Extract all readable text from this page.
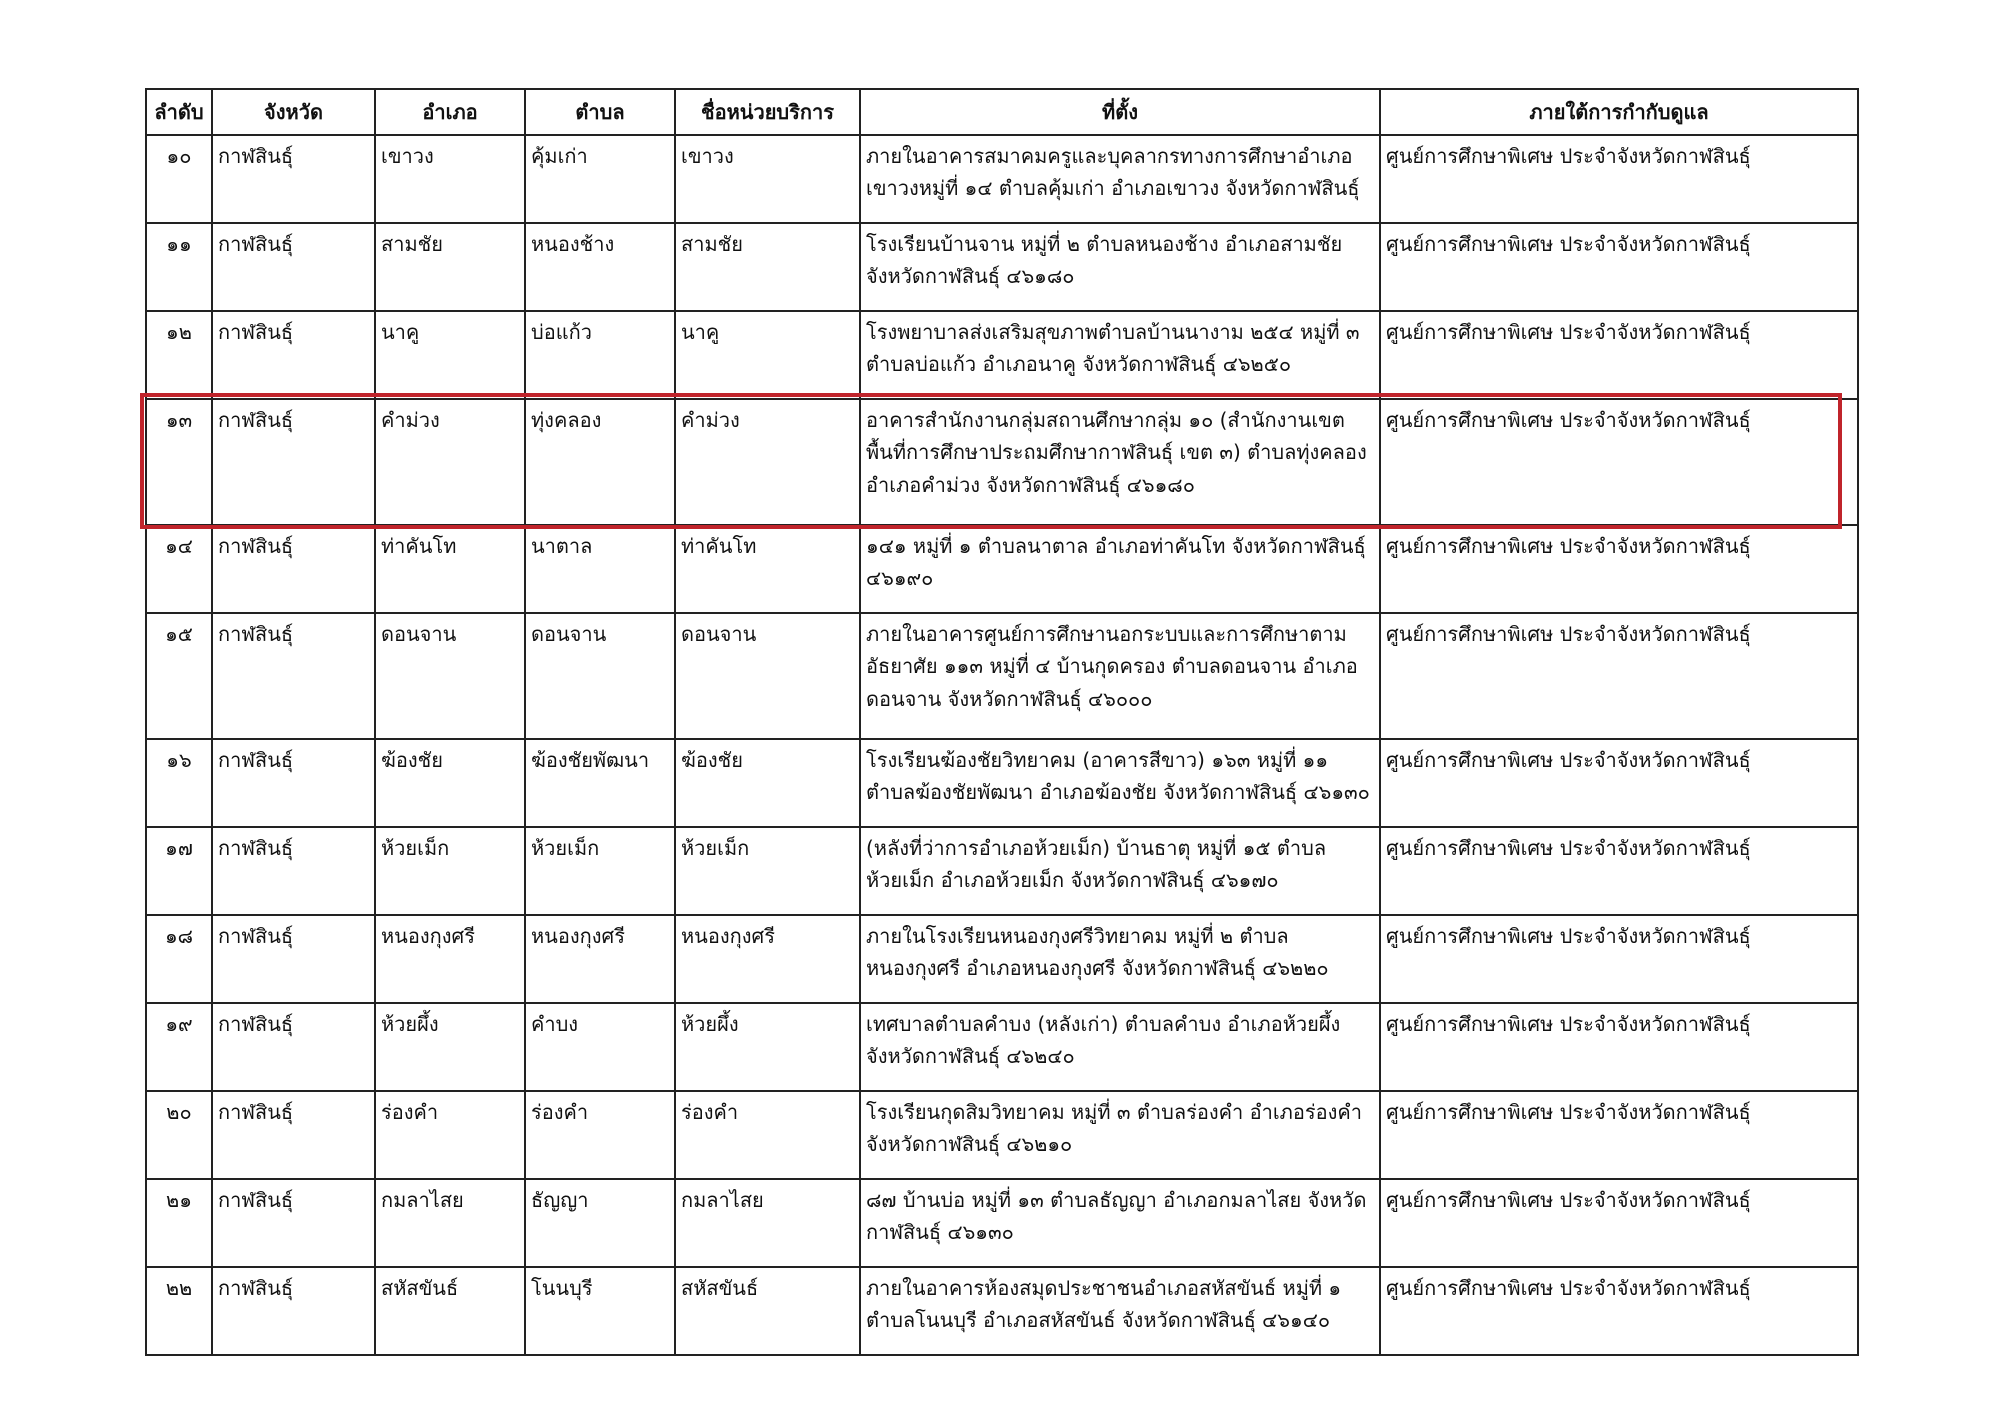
ลำดับ	จังหวัด	อำเภอ	ตำบล	ชื่อหน่วยบริการ	ที่ตั้ง	ภายใต้การกำกับดูแล
๑๐	กาฬสินธุ์	เขาวง	คุ้มเก่า	เขาวง	ภายในอาคารสมาคมครูและบุคลากรทางการศึกษาอำเภอเขาวงหมู่ที่ ๑๔ ตำบลคุ้มเก่า อำเภอเขาวง จังหวัดกาฬสินธุ์	ศูนย์การศึกษาพิเศษ ประจำจังหวัดกาฬสินธุ์
๑๑	กาฬสินธุ์	สามชัย	หนองช้าง	สามชัย	โรงเรียนบ้านจาน หมู่ที่ ๒ ตำบลหนองช้าง อำเภอสามชัย จังหวัดกาฬสินธุ์ ๔๖๑๘๐	ศูนย์การศึกษาพิเศษ ประจำจังหวัดกาฬสินธุ์
๑๒	กาฬสินธุ์	นาคู	บ่อแก้ว	นาคู	โรงพยาบาลส่งเสริมสุขภาพตำบลบ้านนางาม ๒๕๔ หมู่ที่ ๓ ตำบลบ่อแก้ว อำเภอนาคู จังหวัดกาฬสินธุ์ ๔๖๒๕๐	ศูนย์การศึกษาพิเศษ ประจำจังหวัดกาฬสินธุ์
๑๓	กาฬสินธุ์	คำม่วง	ทุ่งคลอง	คำม่วง	อาคารสำนักงานกลุ่มสถานศึกษากลุ่ม ๑๐ (สำนักงานเขตพื้นที่การศึกษาประถมศึกษากาฬสินธุ์ เขต ๓) ตำบลทุ่งคลอง อำเภอคำม่วง จังหวัดกาฬสินธุ์ ๔๖๑๘๐	ศูนย์การศึกษาพิเศษ ประจำจังหวัดกาฬสินธุ์
๑๔	กาฬสินธุ์	ท่าคันโท	นาตาล	ท่าคันโท	๑๔๑ หมู่ที่ ๑ ตำบลนาตาล อำเภอท่าคันโท จังหวัดกาฬสินธุ์ ๔๖๑๙๐	ศูนย์การศึกษาพิเศษ ประจำจังหวัดกาฬสินธุ์
๑๕	กาฬสินธุ์	ดอนจาน	ดอนจาน	ดอนจาน	ภายในอาคารศูนย์การศึกษานอกระบบและการศึกษาตามอัธยาศัย ๑๑๓ หมู่ที่ ๔ บ้านกุดครอง ตำบลดอนจาน อำเภอดอนจาน จังหวัดกาฬสินธุ์ ๔๖๐๐๐	ศูนย์การศึกษาพิเศษ ประจำจังหวัดกาฬสินธุ์
๑๖	กาฬสินธุ์	ฆ้องชัย	ฆ้องชัยพัฒนา	ฆ้องชัย	โรงเรียนฆ้องชัยวิทยาคม (อาคารสีขาว) ๑๖๓ หมู่ที่ ๑๑ ตำบลฆ้องชัยพัฒนา อำเภอฆ้องชัย จังหวัดกาฬสินธุ์ ๔๖๑๓๐	ศูนย์การศึกษาพิเศษ ประจำจังหวัดกาฬสินธุ์
๑๗	กาฬสินธุ์	ห้วยเม็ก	ห้วยเม็ก	ห้วยเม็ก	(หลังที่ว่าการอำเภอห้วยเม็ก) บ้านธาตุ หมู่ที่ ๑๕ ตำบลห้วยเม็ก อำเภอห้วยเม็ก จังหวัดกาฬสินธุ์ ๔๖๑๗๐	ศูนย์การศึกษาพิเศษ ประจำจังหวัดกาฬสินธุ์
๑๘	กาฬสินธุ์	หนองกุงศรี	หนองกุงศรี	หนองกุงศรี	ภายในโรงเรียนหนองกุงศรีวิทยาคม หมู่ที่ ๒ ตำบลหนองกุงศรี อำเภอหนองกุงศรี จังหวัดกาฬสินธุ์ ๔๖๒๒๐	ศูนย์การศึกษาพิเศษ ประจำจังหวัดกาฬสินธุ์
๑๙	กาฬสินธุ์	ห้วยผึ้ง	คำบง	ห้วยผึ้ง	เทศบาลตำบลคำบง (หลังเก่า) ตำบลคำบง อำเภอห้วยผึ้ง จังหวัดกาฬสินธุ์ ๔๖๒๔๐	ศูนย์การศึกษาพิเศษ ประจำจังหวัดกาฬสินธุ์
๒๐	กาฬสินธุ์	ร่องคำ	ร่องคำ	ร่องคำ	โรงเรียนกุดสิมวิทยาคม หมู่ที่ ๓ ตำบลร่องคำ อำเภอร่องคำ จังหวัดกาฬสินธุ์ ๔๖๒๑๐	ศูนย์การศึกษาพิเศษ ประจำจังหวัดกาฬสินธุ์
๒๑	กาฬสินธุ์	กมลาไสย	ธัญญา	กมลาไสย	๘๗ บ้านบ่อ หมู่ที่ ๑๓ ตำบลธัญญา อำเภอกมลาไสย จังหวัดกาฬสินธุ์ ๔๖๑๓๐	ศูนย์การศึกษาพิเศษ ประจำจังหวัดกาฬสินธุ์
๒๒	กาฬสินธุ์	สหัสขันธ์	โนนบุรี	สหัสขันธ์	ภายในอาคารห้องสมุดประชาชนอำเภอสหัสขันธ์ หมู่ที่ ๑ ตำบลโนนบุรี อำเภอสหัสขันธ์ จังหวัดกาฬสินธุ์ ๔๖๑๔๐	ศูนย์การศึกษาพิเศษ ประจำจังหวัดกาฬสินธุ์
